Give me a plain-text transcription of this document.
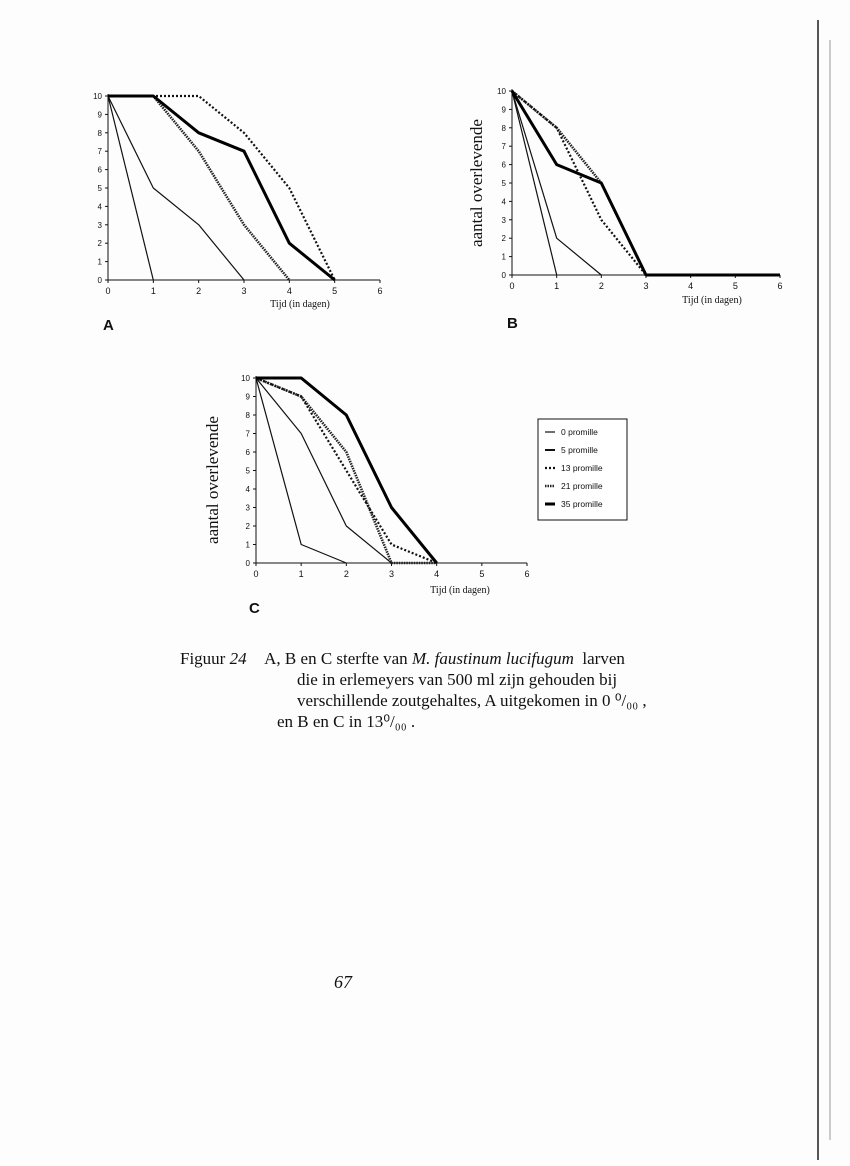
0
1
2
3
4
5
6
7
8
9
10
0	1	2	3	4	5	6
Tijd (in dagen)
A
0
1
2
3
4
5
6
7
8
9
10
0	1	2	3	4	5	6
Tijd (in dagen)
aantal overlevende
B
0
1
2
3
4
5
6
7
8
9
10
0	1	2	3	4	5	6
Tijd (in dagen)
aantal overlevende
C
0 promille
5 promille
13 promille
21 promille
35 promille
Figuur 24 A, B en C sterfte van M. faustinum lucifugum  larven
die in erlemeyers van 500 ml zijn gehouden bij
verschillende zoutgehaltes, A uitgekomen in 0 ⁰/₀₀ ,
en B en C in 13⁰/₀₀ .
67
